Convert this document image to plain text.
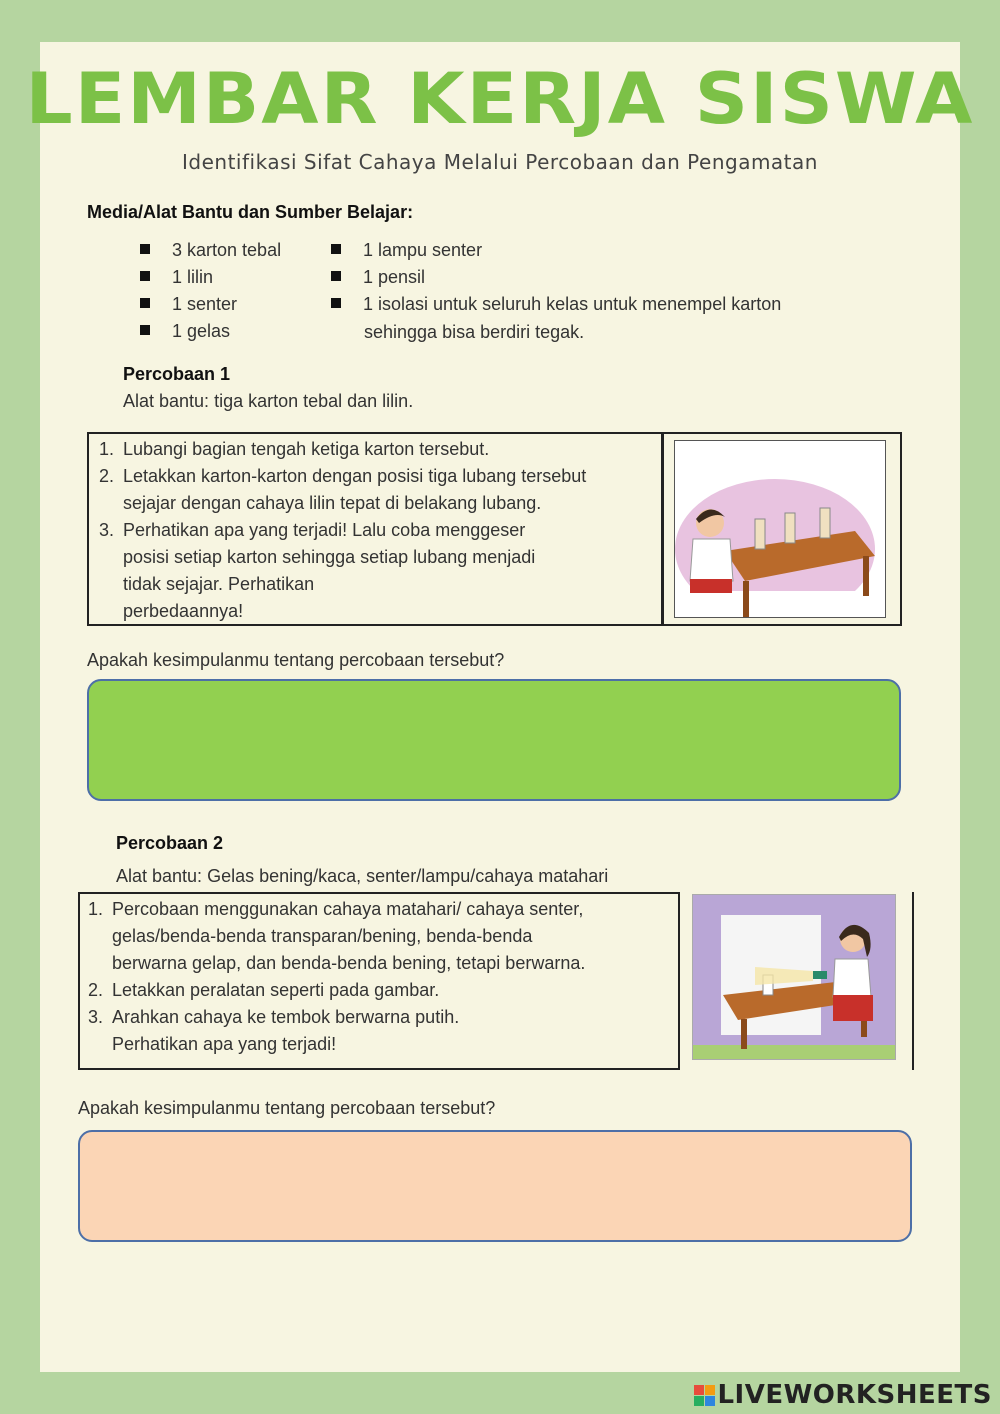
LEMBAR KERJA SISWA
Identifikasi Sifat Cahaya Melalui Percobaan dan Pengamatan
Media/Alat Bantu dan Sumber Belajar:
3 karton tebal
1 lilin
1 senter
1 gelas
1 lampu senter
1 pensil
1 isolasi untuk seluruh kelas untuk menempel karton
sehingga bisa berdiri tegak.
Percobaan 1
Alat bantu: tiga karton tebal dan lilin.
1. Lubangi bagian tengah ketiga karton tersebut.
2. Letakkan karton-karton dengan posisi tiga lubang tersebut
sejajar dengan cahaya lilin tepat di belakang lubang.
3. Perhatikan apa yang terjadi! Lalu coba menggeser
posisi setiap karton sehingga setiap lubang menjadi
tidak sejajar. Perhatikan
perbedaannya!
Apakah kesimpulanmu tentang percobaan tersebut?
Percobaan 2
Alat bantu: Gelas bening/kaca, senter/lampu/cahaya matahari
1. Percobaan menggunakan cahaya matahari/ cahaya senter,
gelas/benda-benda transparan/bening, benda-benda
berwarna gelap, dan benda-benda bening, tetapi berwarna.
2. Letakkan peralatan seperti pada gambar.
3. Arahkan cahaya ke tembok berwarna putih.
Perhatikan apa yang terjadi!
Apakah kesimpulanmu tentang percobaan tersebut?
LIVEWORKSHEETS
